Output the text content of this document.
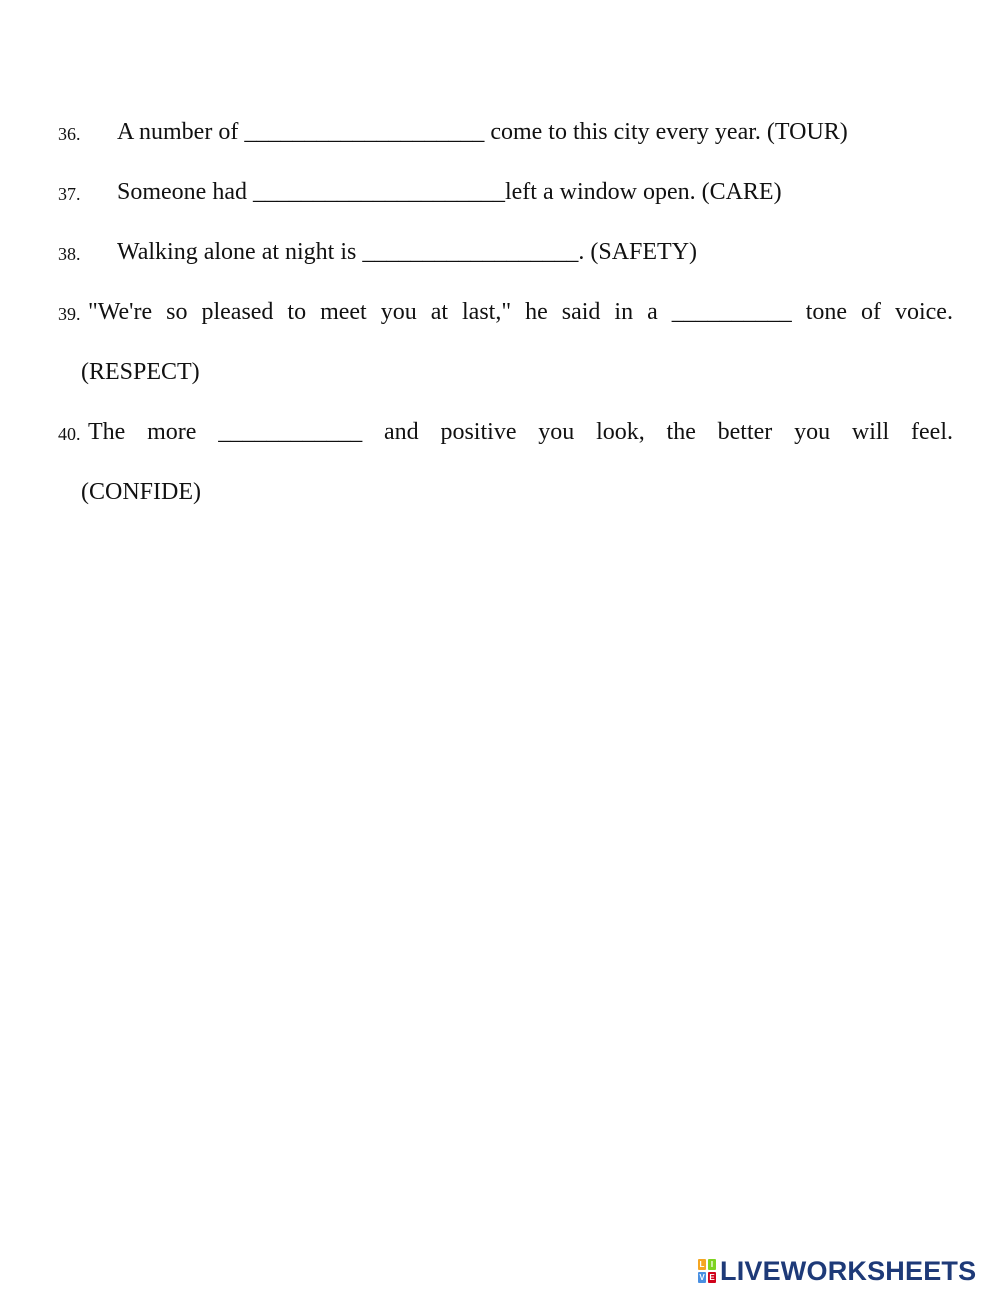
36. A number of ____________________ come to this city every year. (TOUR)
37. Someone had _____________________left a window open. (CARE)
38. Walking alone at night is __________________. (SAFETY)
39. "We're so pleased to meet you at last," he said in a __________ tone of voice.
(RESPECT)
40. The more ____________ and positive you look, the better you will feel.
(CONFIDE)
L I
V E LIVEWORKSHEETS
